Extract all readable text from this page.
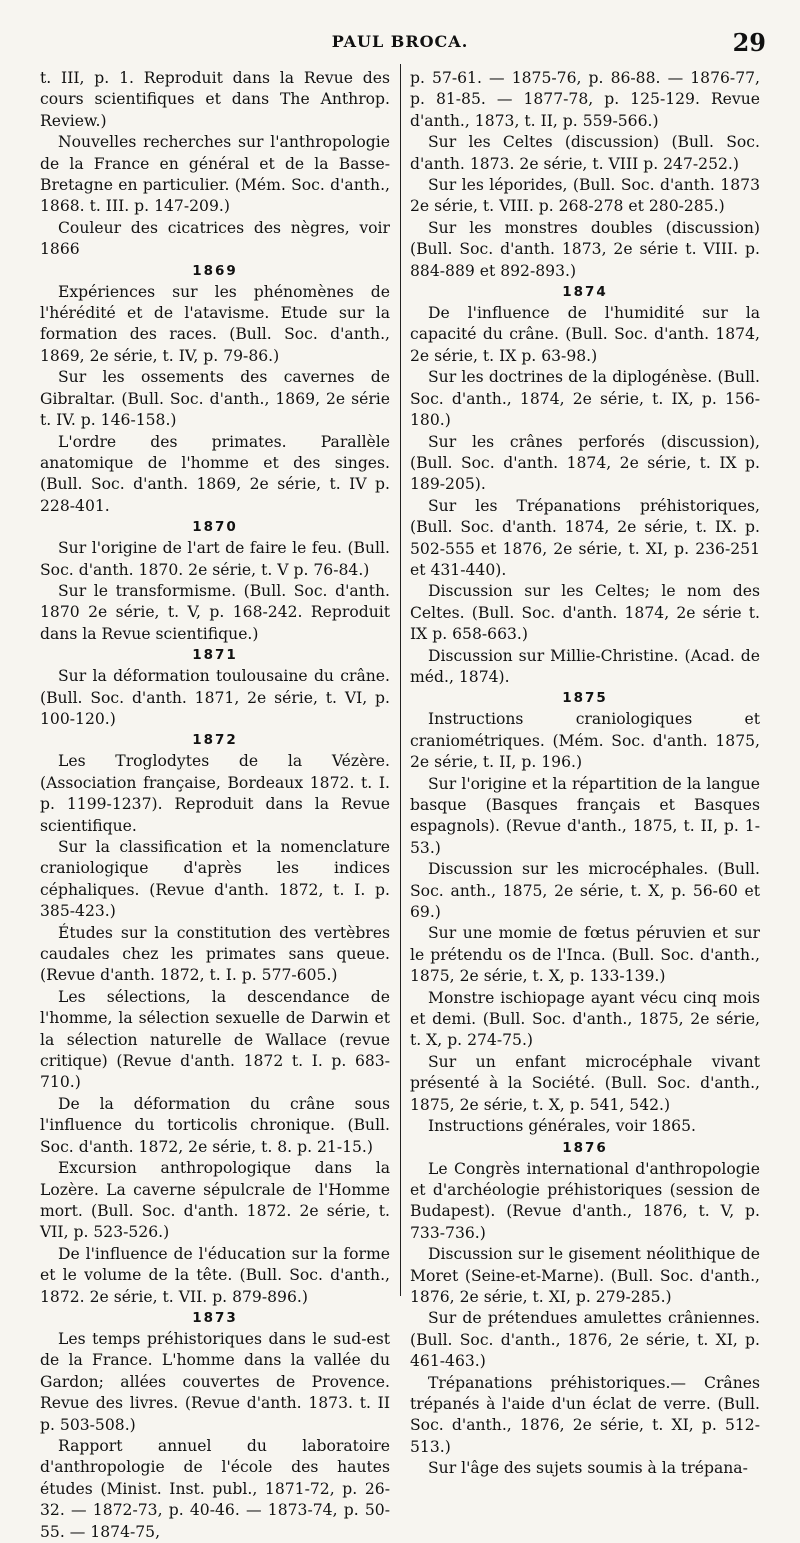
PAUL BROCA.	29

t. III, p. 1. Reproduit dans la Revue des cours scientifiques et dans The Anthrop. Review.)

Nouvelles recherches sur l'anthropologie de la France en général et de la Basse-Bretagne en particulier. (Mém. Soc. d'anth., 1868. t. III. p. 147-209.)

Couleur des cicatrices des nègres, voir 1866

1869

Expériences sur les phénomènes de l'hérédité et de l'atavisme. Etude sur la formation des races. (Bull. Soc. d'anth., 1869, 2e série, t. IV, p. 79-86.)

Sur les ossements des cavernes de Gibraltar. (Bull. Soc. d'anth., 1869, 2e série t. IV. p. 146-158.)

L'ordre des primates. Parallèle anatomique de l'homme et des singes. (Bull. Soc. d'anth. 1869, 2e série, t. IV p. 228-401.

1870

Sur l'origine de l'art de faire le feu. (Bull. Soc. d'anth. 1870. 2e série, t. V p. 76-84.)

Sur le transformisme. (Bull. Soc. d'anth. 1870 2e série, t. V, p. 168-242. Reproduit dans la Revue scientifique.)

1871

Sur la déformation toulousaine du crâne. (Bull. Soc. d'anth. 1871, 2e série, t. VI, p. 100-120.)

1872

Les Troglodytes de la Vézère. (Association française, Bordeaux 1872. t. I. p. 1199-1237). Reproduit dans la Revue scientifique.

Sur la classification et la nomenclature craniologique d'après les indices céphaliques. (Revue d'anth. 1872, t. I. p. 385-423.)

Études sur la constitution des vertèbres caudales chez les primates sans queue. (Revue d'anth. 1872, t. I. p. 577-605.)

Les sélections, la descendance de l'homme, la sélection sexuelle de Darwin et la sélection naturelle de Wallace (revue critique) (Revue d'anth. 1872 t. I. p. 683-710.)

De la déformation du crâne sous l'influence du torticolis chronique. (Bull. Soc. d'anth. 1872, 2e série, t. 8. p. 21-15.)

Excursion anthropologique dans la Lozère. La caverne sépulcrale de l'Homme mort. (Bull. Soc. d'anth. 1872. 2e série, t. VII, p. 523-526.)

De l'influence de l'éducation sur la forme et le volume de la tête. (Bull. Soc. d'anth., 1872. 2e série, t. VII. p. 879-896.)

1873

Les temps préhistoriques dans le sud-est de la France. L'homme dans la vallée du Gardon; allées couvertes de Provence. Revue des livres. (Revue d'anth. 1873. t. II p. 503-508.)

Rapport annuel du laboratoire d'anthropologie de l'école des hautes études (Minist. Inst. publ., 1871-72, p. 26-32. — 1872-73, p. 40-46. — 1873-74, p. 50-55. — 1874-75,

p. 57-61. — 1875-76, p. 86-88. — 1876-77, p. 81-85. — 1877-78, p. 125-129. Revue d'anth., 1873, t. II, p. 559-566.)

Sur les Celtes (discussion) (Bull. Soc. d'anth. 1873. 2e série, t. VIII p. 247-252.)

Sur les léporides, (Bull. Soc. d'anth. 1873 2e série, t. VIII. p. 268-278 et 280-285.)

Sur les monstres doubles (discussion) (Bull. Soc. d'anth. 1873, 2e série t. VIII. p. 884-889 et 892-893.)

1874

De l'influence de l'humidité sur la capacité du crâne. (Bull. Soc. d'anth. 1874, 2e série, t. IX p. 63-98.)

Sur les doctrines de la diplogénèse. (Bull. Soc. d'anth., 1874, 2e série, t. IX, p. 156-180.)

Sur les crânes perforés (discussion), (Bull. Soc. d'anth. 1874, 2e série, t. IX p. 189-205).

Sur les Trépanations préhistoriques, (Bull. Soc. d'anth. 1874, 2e série, t. IX. p. 502-555 et 1876, 2e série, t. XI, p. 236-251 et 431-440).

Discussion sur les Celtes; le nom des Celtes. (Bull. Soc. d'anth. 1874, 2e série t. IX p. 658-663.)

Discussion sur Millie-Christine. (Acad. de méd., 1874).

1875

Instructions craniologiques et craniométriques. (Mém. Soc. d'anth. 1875, 2e série, t. II, p. 196.)

Sur l'origine et la répartition de la langue basque (Basques français et Basques espagnols). (Revue d'anth., 1875, t. II, p. 1-53.)

Discussion sur les microcéphales. (Bull. Soc. anth., 1875, 2e série, t. X, p. 56-60 et 69.)

Sur une momie de fœtus péruvien et sur le prétendu os de l'Inca. (Bull. Soc. d'anth., 1875, 2e série, t. X, p. 133-139.)

Monstre ischiopage ayant vécu cinq mois et demi. (Bull. Soc. d'anth., 1875, 2e série, t. X, p. 274-75.)

Sur un enfant microcéphale vivant présenté à la Société. (Bull. Soc. d'anth., 1875, 2e série, t. X, p. 541, 542.)

Instructions générales, voir 1865.

1876

Le Congrès international d'anthropologie et d'archéologie préhistoriques (session de Budapest). (Revue d'anth., 1876, t. V, p. 733-736.)

Discussion sur le gisement néolithique de Moret (Seine-et-Marne). (Bull. Soc. d'anth., 1876, 2e série, t. XI, p. 279-285.)

Sur de prétendues amulettes crâniennes. (Bull. Soc. d'anth., 1876, 2e série, t. XI, p. 461-463.)

Trépanations préhistoriques.— Crânes trépanés à l'aide d'un éclat de verre. (Bull. Soc. d'anth., 1876, 2e série, t. XI, p. 512-513.)

Sur l'âge des sujets soumis à la trépana-
